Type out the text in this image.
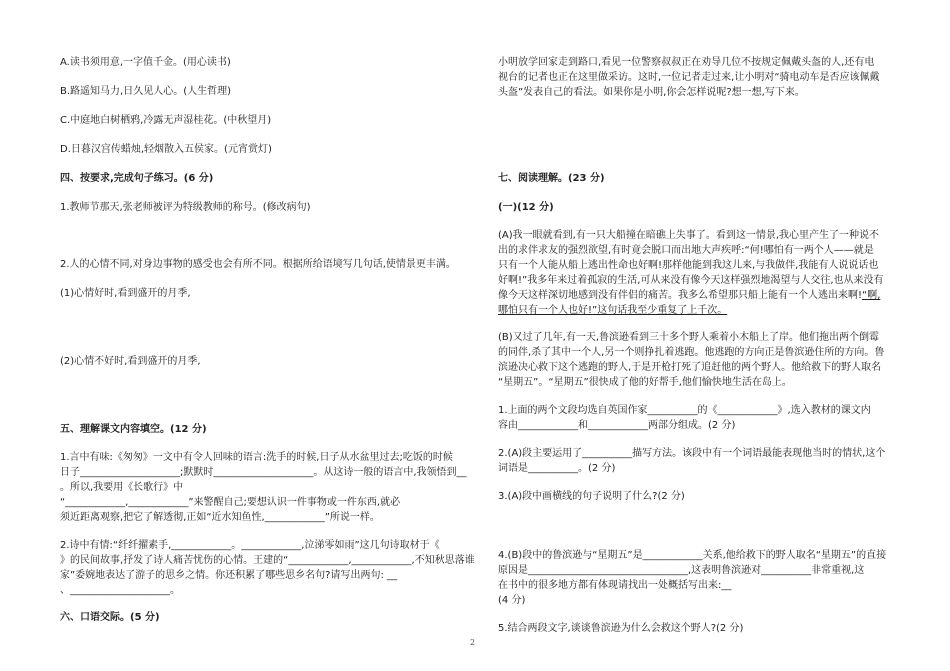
A.读书须用意,一字值千金。(用心读书)
B.路遥知马力,日久见人心。(人生哲理)
C.中庭地白树栖鸦,冷露无声湿桂花。(中秋望月)
D.日暮汉宫传蜡烛,轻烟散入五侯家。(元宵赏灯)
四、按要求,完成句子练习。(6 分)
1.教师节那天,张老师被评为特级教师的称号。(修改病句)
2.人的心情不同,对身边事物的感受也会有所不同。根据所给语境写几句话,使情景更丰满。
(1)心情好时,看到盛开的月季,
(2)心情不好时,看到盛开的月季,
五、理解课文内容填空。(12 分)
1.言中有味:《匆匆》一文中有令人回味的语言:洗手的时候,日子从水盆里过去;吃饭的时候
日子____________________;默默时____________________。从这诗一般的语言中,我领悟到__
。所以,我要用《长歌行》中
“____________,____________”来警醒自己;要想认识一件事物或一件东西,就必
须近距离观察,把它了解透彻,正如“近水知鱼性,____________”所说一样。
2.诗中有情:“纤纤擢素手,____________。____________,泣涕零如雨”这几句诗取材于《
》的民间故事,抒发了诗人痛苦忧伤的心情。王建的“____________,____________,不知秋思落谁
家”委婉地表达了游子的思乡之情。你还积累了哪些思乡名句?请写出两句: __
、____________________。
六、口语交际。(5 分)
小明放学回家走到路口,看见一位警察叔叔正在劝导几位不按规定佩戴头盔的人,还有电
视台的记者也正在这里做采访。这时,一位记者走过来,让小明对“骑电动车是否应该佩戴
头盔”发表自己的看法。如果你是小明,你会怎样说呢?想一想,写下来。
七、阅读理解。(23 分)
(一)(12 分)
(A)我一眼就看到,有一只大船撞在暗礁上失事了。看到这一情景,我心里产生了一种说不
出的求伴求友的强烈欲望,有时竟会脱口而出地大声疾呼:“何!哪怕有一两个人——就是
只有一个人能从船上逃出性命也好啊!那样他能到我这儿来,与我做伴,我能有人说说话也
好啊!”我多年来过着孤寂的生活,可从来没有像今天这样强烈地渴望与人交往,也从来没有
像今天这样深切地感到没有伴侣的痛苦。我多么希望那只船上能有一个人逃出来啊!“啊,
哪怕只有一个人也好!”这句话我至少重复了上千次。
(B)又过了几年,有一天,鲁滨逊看到三十多个野人乘着小木船上了岸。他们拖出两个倒霉
的同伴,杀了其中一个人,另一个则挣扎着逃跑。他逃跑的方向正是鲁滨逊住所的方向。鲁
滨逊决心救下这个逃跑的野人,于是开枪打死了追赶他的两个野人。他给救下的野人取名
“星期五”。“星期五”很快成了他的好帮手,他们愉快地生活在岛上。
1.上面的两个文段均选自英国作家__________的《____________》,选入教材的课文内
容由____________和____________两部分组成。(2 分)
2.(A)段主要运用了__________描写方法。该段中有一个词语最能表现他当时的情状,这个
词语是__________。(2 分)
3.(A)段中画横线的句子说明了什么?(2 分)
4.(B)段中的鲁滨逊与“星期五”是____________关系,他给救下的野人取名“星期五”的直接
原因是________________________________,这表明鲁滨逊对__________非常重视,这
在书中的很多地方都有体现请找出一处概括写出来:__
(4 分)
5.结合两段文字,谈谈鲁滨逊为什么会救这个野人?(2 分)
2
